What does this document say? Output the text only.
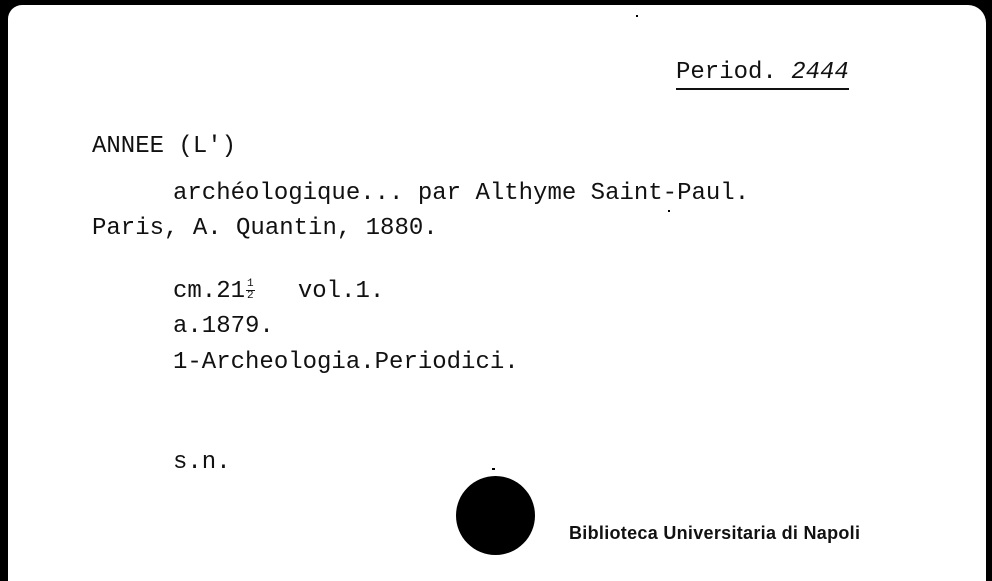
Period. 2444
ANNEE (L')
archéologique... par Althyme Saint-Paul.
Paris, A. Quantin, 1880.
$cm.21 \frac{1}{2} vol.1$.
a.1879.
1-Archeologia.Periodici.
s.n.
Biblioteca Universitaria di Napoli
